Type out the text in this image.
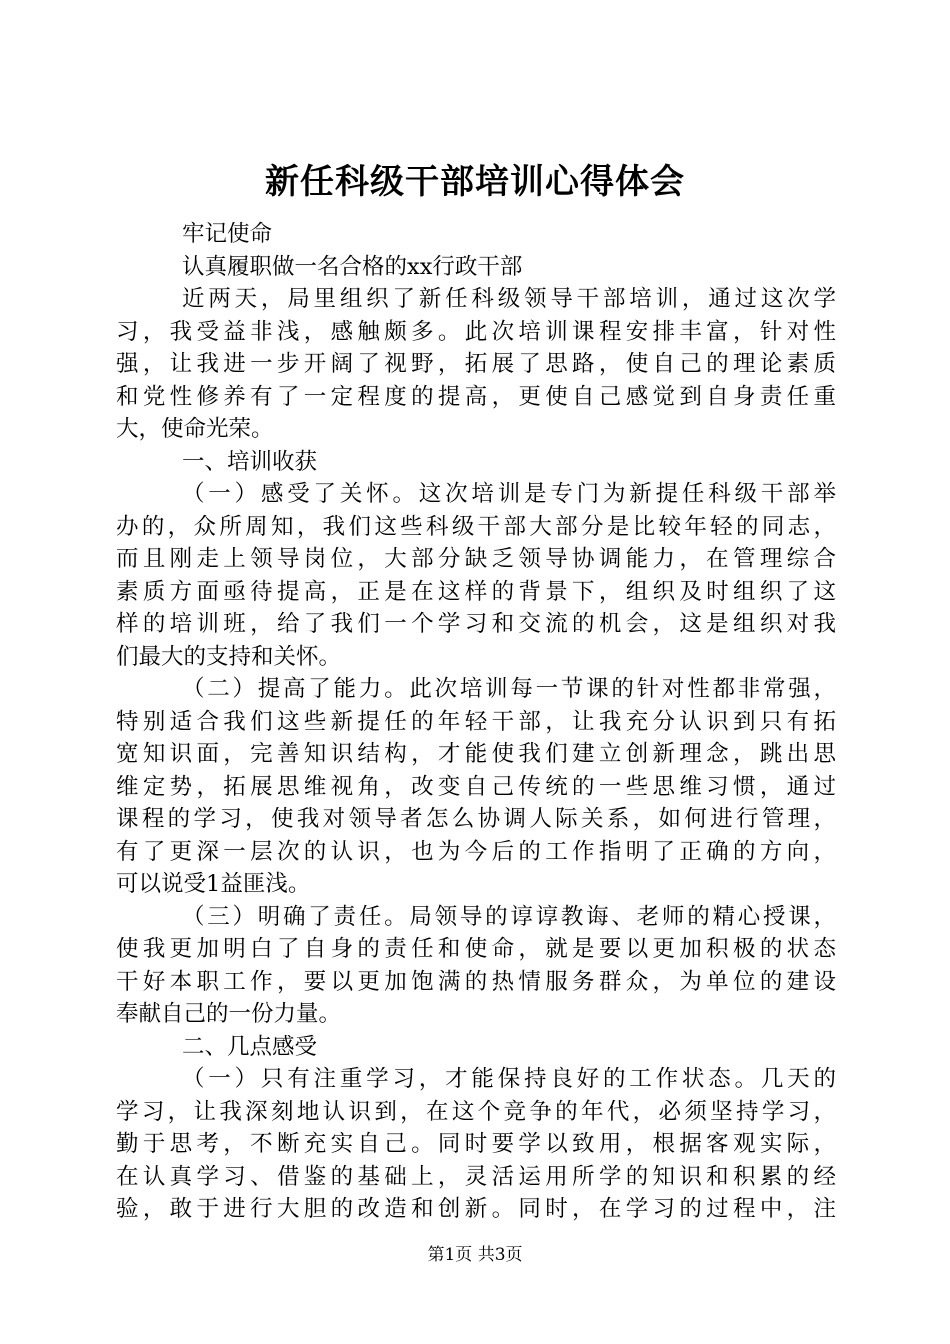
新任科级干部培训心得体会
牢记使命
认真履职做一名合格的xx行政干部
近两天，局里组织了新任科级领导干部培训，通过这次学
习，我受益非浅，感触颇多。此次培训课程安排丰富，针对性
强，让我进一步开阔了视野，拓展了思路，使自己的理论素质
和党性修养有了一定程度的提高，更使自己感觉到自身责任重
大，使命光荣。
一、培训收获
（一）感受了关怀。这次培训是专门为新提任科级干部举
办的，众所周知，我们这些科级干部大部分是比较年轻的同志，
而且刚走上领导岗位，大部分缺乏领导协调能力，在管理综合
素质方面亟待提高，正是在这样的背景下，组织及时组织了这
样的培训班，给了我们一个学习和交流的机会，这是组织对我
们最大的支持和关怀。
（二）提高了能力。此次培训每一节课的针对性都非常强，
特别适合我们这些新提任的年轻干部，让我充分认识到只有拓
宽知识面，完善知识结构，才能使我们建立创新理念，跳出思
维定势，拓展思维视角，改变自己传统的一些思维习惯，通过
课程的学习，使我对领导者怎么协调人际关系，如何进行管理，
有了更深一层次的认识，也为今后的工作指明了正确的方向，
可以说受1益匪浅。
（三）明确了责任。局领导的谆谆教诲、老师的精心授课，
使我更加明白了自身的责任和使命，就是要以更加积极的状态
干好本职工作，要以更加饱满的热情服务群众，为单位的建设
奉献自己的一份力量。
二、几点感受
（一）只有注重学习，才能保持良好的工作状态。几天的
学习，让我深刻地认识到，在这个竞争的年代，必须坚持学习，
勤于思考，不断充实自己。同时要学以致用，根据客观实际，
在认真学习、借鉴的基础上，灵活运用所学的知识和积累的经
验，敢于进行大胆的改造和创新。同时，在学习的过程中，注
第1页 共3页
